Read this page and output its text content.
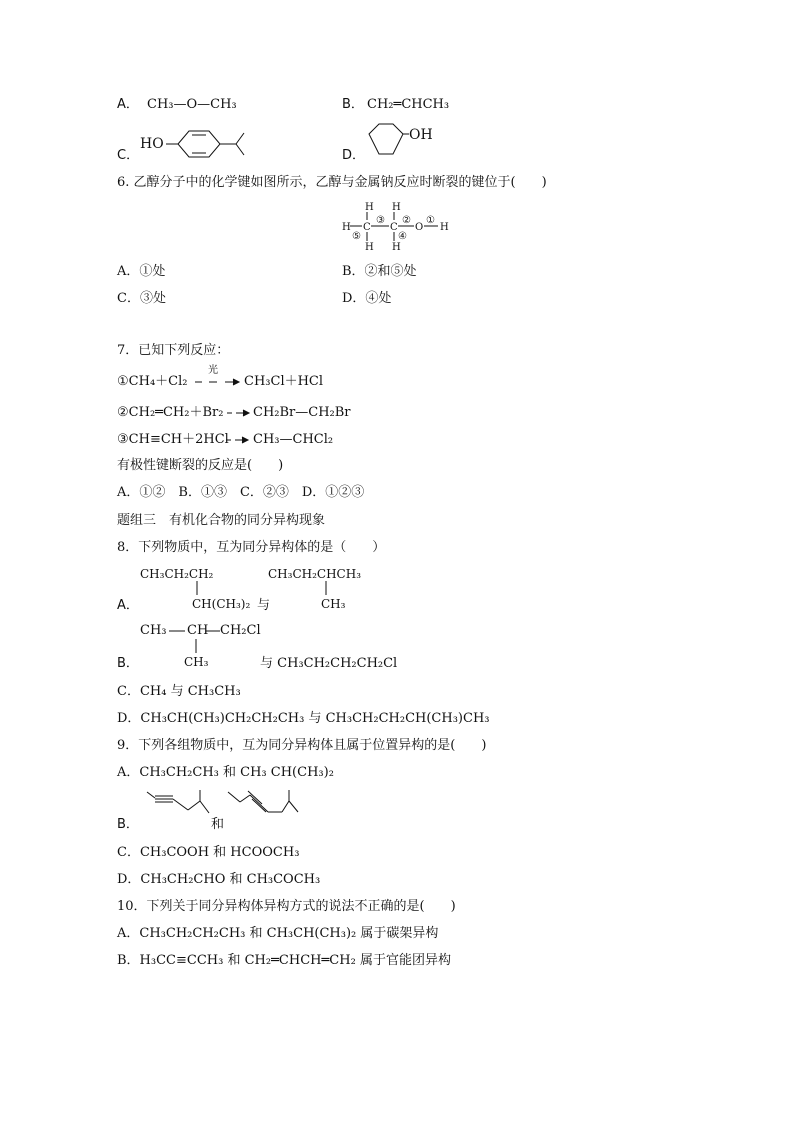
A． CH₃—O—CH₃	B． CH₂═CHCH₃
C．
HO
D．
OH
6. 乙醇分子中的化学键如图所示，乙醇与金属钠反应时断裂的键位于(　　)
H C
H
H
③
⑤
C
H
H
②
④
O
①
H
A．①处	B．②和⑤处
C．③处	D．④处
7．已知下列反应：
①CH₄＋Cl₂
光
CH₃Cl＋HCl
②CH₂═CH₂＋Br₂ CH₂Br—CH₂Br
③CH≡CH＋2HCl CH₃—CHCl₂
有极性键断裂的反应是(　　)
A．①②　B．①③　C．②③　D．①②③
题组三　有机化合物的同分异构现象
8．下列物质中，互为同分异构体的是（　　）
CH₃CH₂CH₂
CH(CH₃)₂
A．	与
CH₃CH₂CHCH₃
CH₃
CH₃ CH CH₂Cl
CH₃
B．	与 CH₃CH₂CH₂CH₂Cl
C．CH₄ 与 CH₃CH₃
D．CH₃CH(CH₃)CH₂CH₂CH₃ 与 CH₃CH₂CH₂CH(CH₃)CH₃
9．下列各组物质中，互为同分异构体且属于位置异构的是(　　)
A．CH₃CH₂CH₃ 和 CH₃ CH(CH₃)₂
B．	和
C．CH₃COOH 和 HCOOCH₃
D．CH₃CH₂CHO 和 CH₃COCH₃
10．下列关于同分异构体异构方式的说法不正确的是(　　)
A．CH₃CH₂CH₂CH₃ 和 CH₃CH(CH₃)₂ 属于碳架异构
B．H₃CC≡CCH₃ 和 CH₂═CHCH═CH₂ 属于官能团异构
